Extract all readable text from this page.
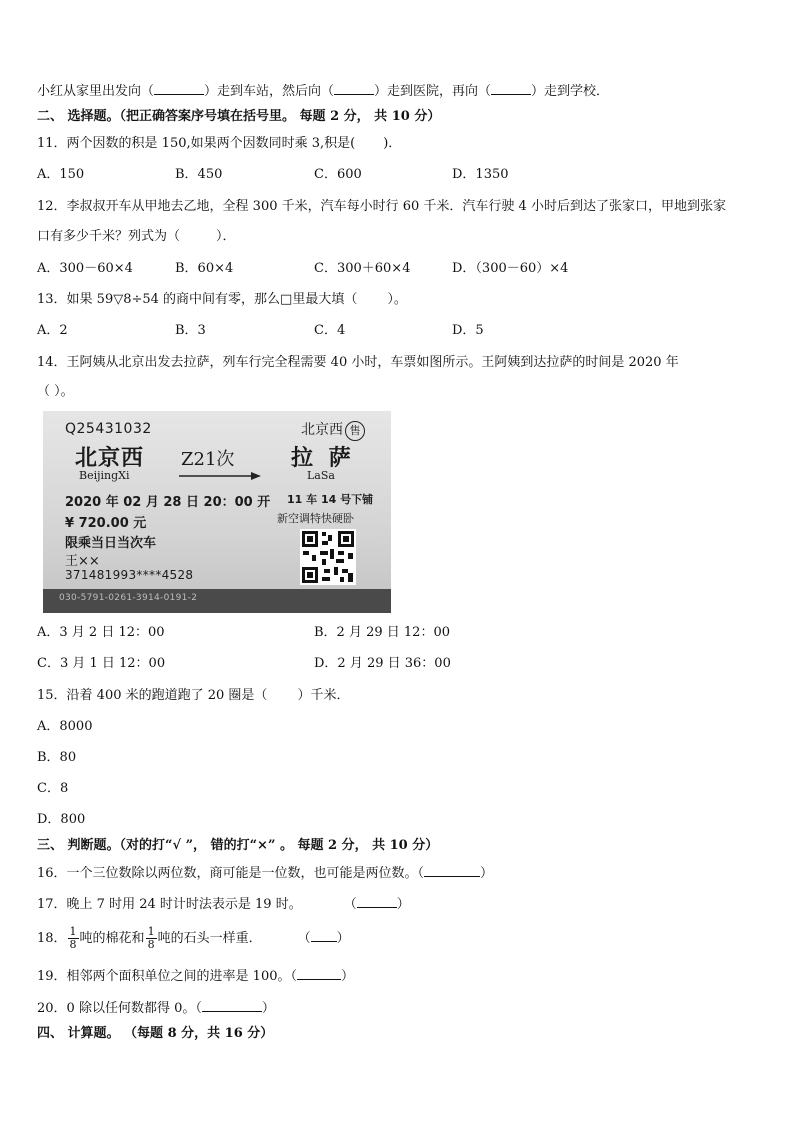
小红从家里出发向（	）走到车站，然后向（	）走到医院，再向（	）走到学校．
二、 选择题。（把正确答案序号填在括号里。 每题 2 分， 共 10 分）
11．两个因数的积是 150,如果两个因数同时乘 3,积是( )．
A．150	B．450	C．600	D．1350
12．李叔叔开车从甲地去乙地，全程 300 千米，汽车每小时行 60 千米．汽车行驶 4 小时后到达了张家口，甲地到张家
口有多少千米？列式为（	）．
A．300－60×4	B．60×4	C．300＋60×4	D．（300－60）×4
13．如果 59▽8÷54 的商中间有零，那么□里最大填（ ）。
A．2	B．3	C．4	D．5
14．王阿姨从北京出发去拉萨，列车行完全程需要 40 小时，车票如图所示。王阿姨到达拉萨的时间是 2020 年
（ ）。
Q25431032	北京西 售
北京西
BeijingXi
Z21次	拉 萨
LaSa
2020 年 02 月 28 日 20：00 开 11 车 14 号下铺
¥ 720.00 元	新空调特快硬卧
限乘当日当次车
王××
371481993****4528
030-5791-0261-3914-0191-2
A．3 月 2 日 12：00	B．2 月 29 日 12：00
C．3 月 1 日 12：00	D．2 月 29 日 36：00
15．沿着 400 米的跑道跑了 20 圈是（ ）千米．
A．8000
B．80
C．8
D．800
三、 判断题。（对的打“√ ”， 错的打“×” 。 每题 2 分， 共 10 分）
16．一个三位数除以两位数，商可能是一位数，也可能是两位数。（	）
17．晚上 7 时用 24 时计时法表示是 19 时。	（	）
18． $\frac{1}{8}$ 吨的棉花和 $\frac{1}{8}$ 吨的石头一样重．	（ ）
19．相邻两个面积单位之间的进率是 100。（	）
20．0 除以任何数都得 0。（	）
四、 计算题。 （每题 8 分，共 16 分）
